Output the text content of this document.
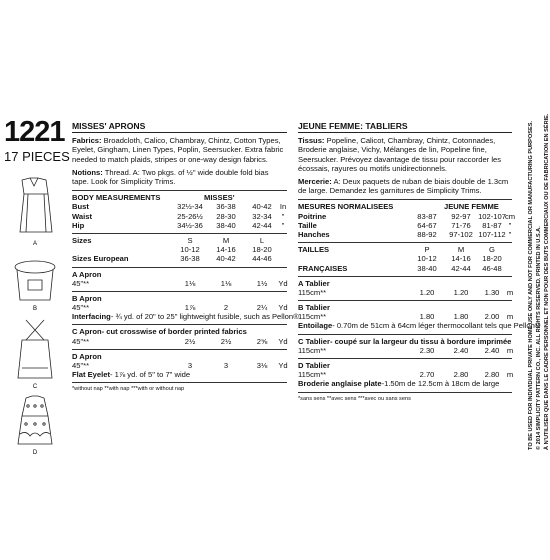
1221
17 PIECES
A
B
C
D
MISSES' APRONS
Fabrics: Broadcloth, Calico, Chambray, Chintz, Cotton Types, Eyelet, Gingham, Linen Types, Poplin, Seersucker. Extra fabric needed to match plaids, stripes or one-way design fabrics.
Notions: Thread. A: Two pkgs. of ½" wide double fold bias tape. Look for Simplicity Trims.
BODY MEASUREMENTS	MISSES'
Bust	32½-34	36-38	40-42	In
Waist	25-26½	28-30	32-34	"
Hip	34½-36	38-40	42-44	"
Sizes	S	M	L
10-12	14-16	18-20
Sizes European	36-38	40-42	44-46
A Apron
45"**	1⅛	1⅛	1½	Yd
B Apron
45"**	1⅞	2	2¼	Yd
Interfacing- ¾ yd. of 20" to 25" lightweight fusible, such as Pellon®
C Apron- cut crosswise of border printed fabrics
45"**	2½	2½	2⅝	Yd
D Apron
45"**	3	3	3⅛	Yd
Flat Eyelet- 1⅞ yd. of 5" to 7" wide
*without nap **with nap ***with or without nap
JEUNE FEMME: TABLIERS
Tissus: Popeline, Calicot, Chambray, Chintz, Cotonnades, Broderie anglaise, Vichy, Mélanges de lin, Popeline fine, Seersucker. Prévoyez davantage de tissu pour raccorder les écossais, rayures ou motifs unidirectionnels.
Mercerie: A: Deux paquets de ruban de biais double de 1.3cm de large. Demandez les garnitures de Simplicity Trims.
MESURES NORMALISEES	JEUNE FEMME
Poitrine	83-87	92-97 102-107 cm
Taille	64-67	71-76	81-87 "
Hanches	88-92	97-102 107-112 "
TAILLES	P	M	G
10-12	14-16	18-20
FRANÇAISES	38-40	42-44	46-48
A Tablier
115cm**	1.20	1.20	1.30 m
B Tablier
115cm**	1.80	1.80	2.00 m
Entoilage- 0.70m de 51cm à 64cm léger thermocollant tels que Pellon®
C Tablier- coupé sur la largeur du tissu à bordure imprimée
115cm**	2.30	2.40	2.40 m
D Tablier
115cm**	2.70	2.80	2.80 m
Broderie anglaise plate-1.50m de 12.5cm à 18cm de large
*sans sens **avec sens ***avec ou sans sens	TO BE USED FOR INDIVIDUAL PRIVATE HOME USE ONLY AND NOT FOR COMMERCIAL OR MANUFACTURING PURPOSES. © 2014 SIMPLICITY PATTERN CO., INC. ALL RIGHTS RESERVED. PRINTED IN U.S.A. À N'UTILISER QUE DANS LE CADRE PERSONNEL ET NON POUR DES BUTS COMMERCIAUX OU DE FABRICATION EN SÉRIE.
